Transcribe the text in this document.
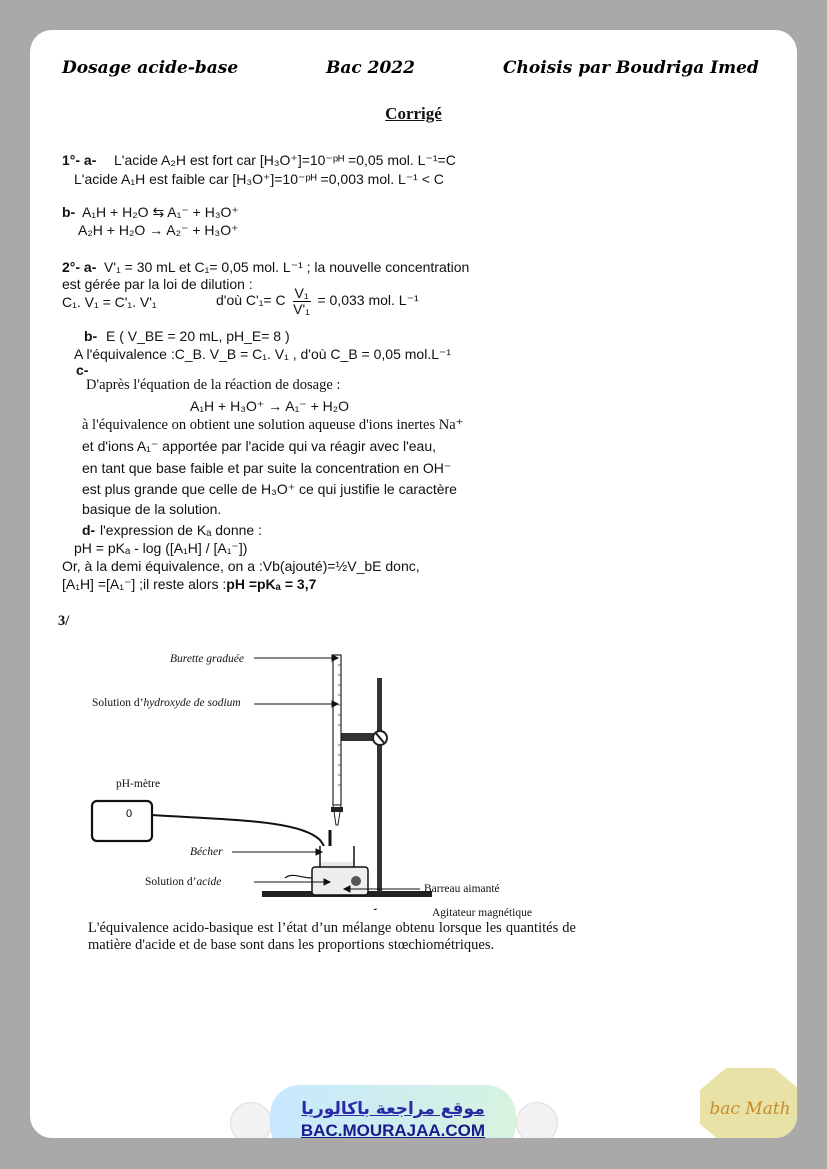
Dosage acide-base	Bac 2022	Choisis par Boudriga Imed
Corrigé
1°- a- L'acide A₂H est fort car [H₃O⁺]=10⁻ᵖᴴ =0,05 mol. L⁻¹=C
L'acide A₁H est faible car [H₃O⁺]=10⁻ᵖᴴ =0,003 mol. L⁻¹ < C
b- A₁H + H₂O ⇆ A₁⁻ + H₃O⁺
A₂H + H₂O → A₂⁻ + H₃O⁺
2°- a- V'₁ = 30 mL et C₁= 0,05 mol. L⁻¹ ; la nouvelle concentration
est gérée par la loi de dilution :
C₁. V₁ = C'₁. V'₁	d'où C'₁= C $\frac{\text{V₁}}{\text{V'₁}} = 0,033$ mol. L⁻¹
b- E ( V_BE = 20 mL, pH_E= 8 )
A l'équivalence :C_B. V_B = C₁. V₁ , d'où C_B = 0,05 mol.L⁻¹
c-
D'après l'équation de la réaction de dosage :
A₁H + H₃O⁺ → A₁⁻ + H₂O
à l'équivalence on obtient une solution aqueuse d'ions inertes Na⁺
et d'ions A₁⁻ apportée par l'acide qui va réagir avec l'eau,
en tant que base faible et par suite la concentration en OH⁻
est plus grande que celle de H₃O⁺ ce qui justifie le caractère
basique de la solution.
d- l'expression de Kₐ donne :
pH = pKₐ - log ([A₁H] / [A₁⁻])
Or, à la demi équivalence, on a :Vb(ajouté)=½V_bE donc,
[A₁H] =[A₁⁻] ;il reste alors :pH =pKₐ = 3,7
3/
0
Burette graduée
Solution d’hydroxyde de sodium
pH-mètre
Bécher
Solution d’acide
Barreau aimanté
Agitateur magnétique
L'équivalence acido-basique est l’état d’un mélange obtenu lorsque les quantités de matière d'acide et de base sont dans les proportions stœchiométriques.
موقع مراجعة باكالوريا
BAC.MOURAJAA.COM
bac Math
